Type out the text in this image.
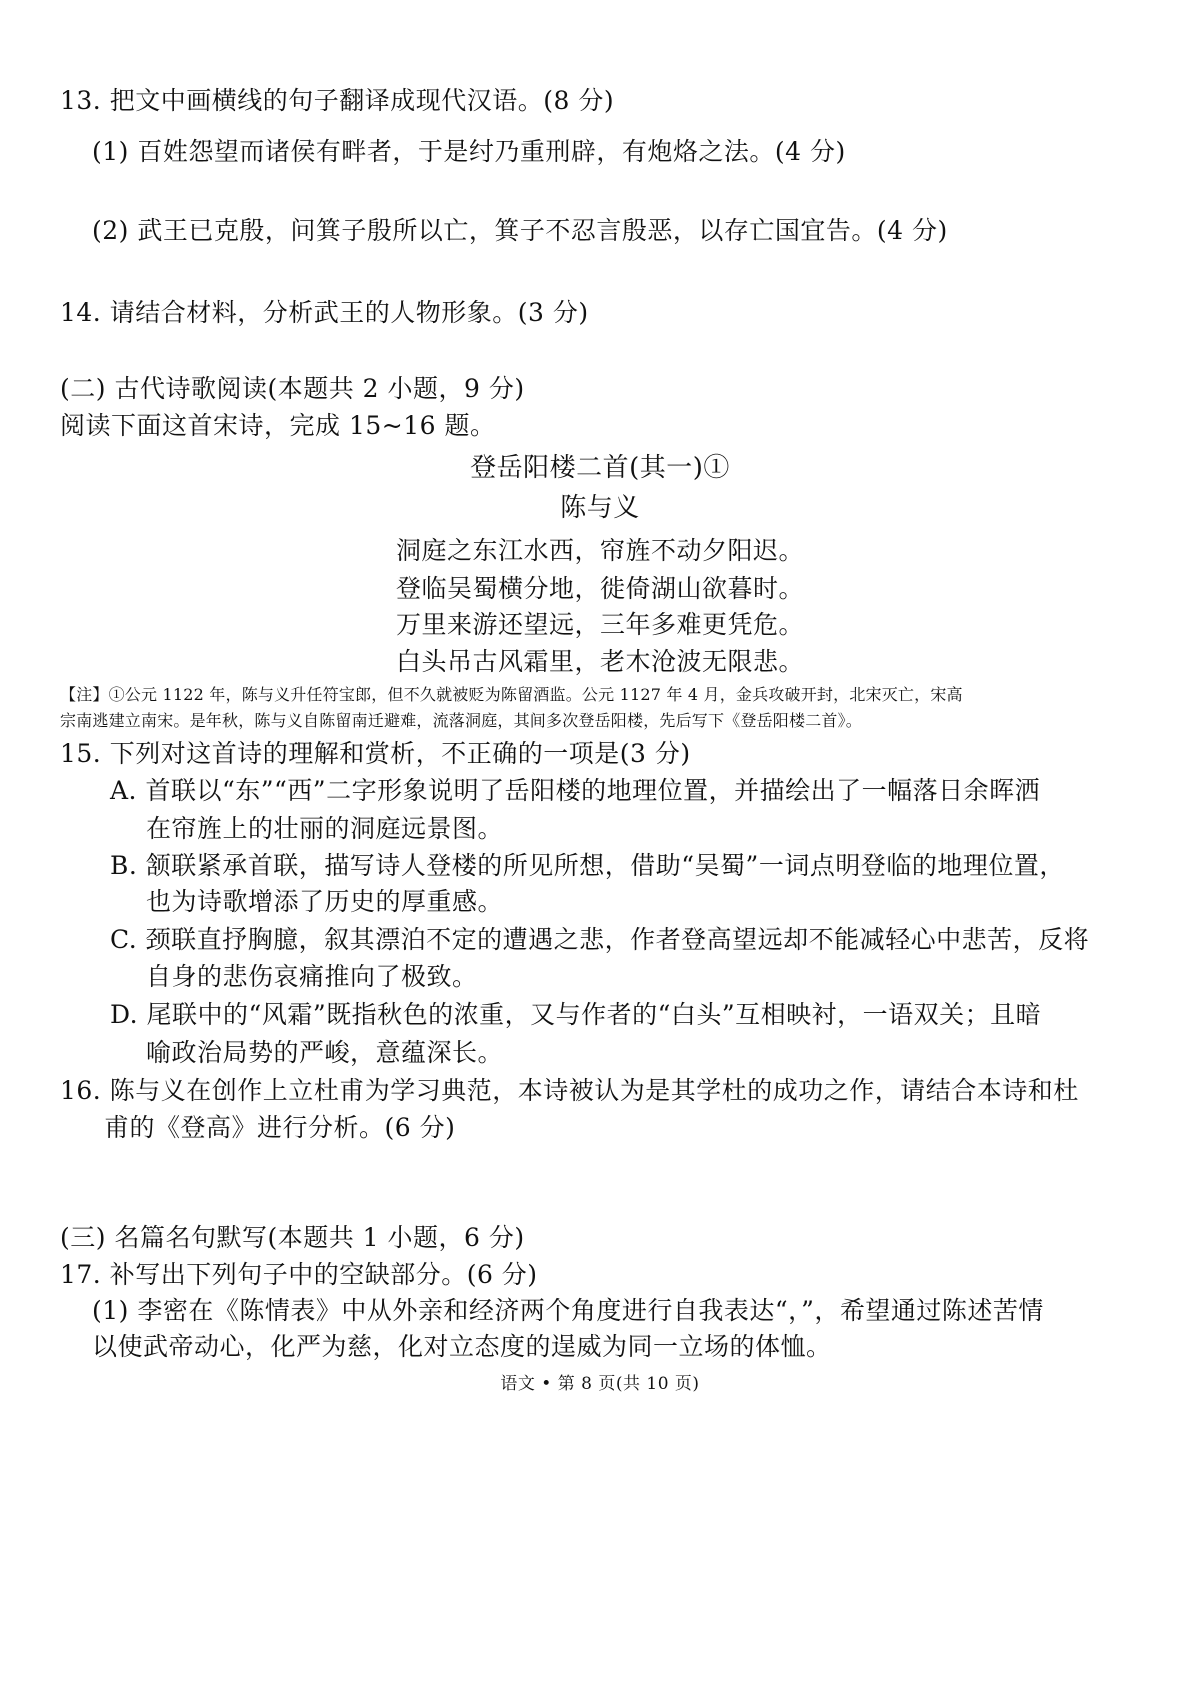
13. 把文中画横线的句子翻译成现代汉语。(8 分)
(1) 百姓怨望而诸侯有畔者，于是纣乃重刑辟，有炮烙之法。(4 分)
(2) 武王已克殷，问箕子殷所以亡，箕子不忍言殷恶，以存亡国宜告。(4 分)
14. 请结合材料，分析武王的人物形象。(3 分)
(二) 古代诗歌阅读(本题共 2 小题，9 分)
阅读下面这首宋诗，完成 15~16 题。
登岳阳楼二首(其一)①
陈与义
洞庭之东江水西，帘旌不动夕阳迟。
登临吴蜀横分地，徙倚湖山欲暮时。
万里来游还望远，三年多难更凭危。
白头吊古风霜里，老木沧波无限悲。
【注】①公元 1122 年，陈与义升任符宝郎，但不久就被贬为陈留酒监。公元 1127 年 4 月，金兵攻破开封，北宋灭亡，宋高
宗南逃建立南宋。是年秋，陈与义自陈留南迁避难，流落洞庭，其间多次登岳阳楼，先后写下《登岳阳楼二首》。
15. 下列对这首诗的理解和赏析，不正确的一项是(3 分)
A. 首联以“东”“西”二字形象说明了岳阳楼的地理位置，并描绘出了一幅落日余晖洒
在帘旌上的壮丽的洞庭远景图。
B. 颔联紧承首联，描写诗人登楼的所见所想，借助“吴蜀”一词点明登临的地理位置，
也为诗歌增添了历史的厚重感。
C. 颈联直抒胸臆，叙其漂泊不定的遭遇之悲，作者登高望远却不能减轻心中悲苦，反将
自身的悲伤哀痛推向了极致。
D. 尾联中的“风霜”既指秋色的浓重，又与作者的“白头”互相映衬，一语双关；且暗
喻政治局势的严峻，意蕴深长。
16. 陈与义在创作上立杜甫为学习典范，本诗被认为是其学杜的成功之作，请结合本诗和杜
甫的《登高》进行分析。(6 分)
(三) 名篇名句默写(本题共 1 小题，6 分)
17. 补写出下列句子中的空缺部分。(6 分)
(1) 李密在《陈情表》中从外亲和经济两个角度进行自我表达“，”，希望通过陈述苦情
以使武帝动心，化严为慈，化对立态度的逞威为同一立场的体恤。
语文 • 第 8 页(共 10 页)
